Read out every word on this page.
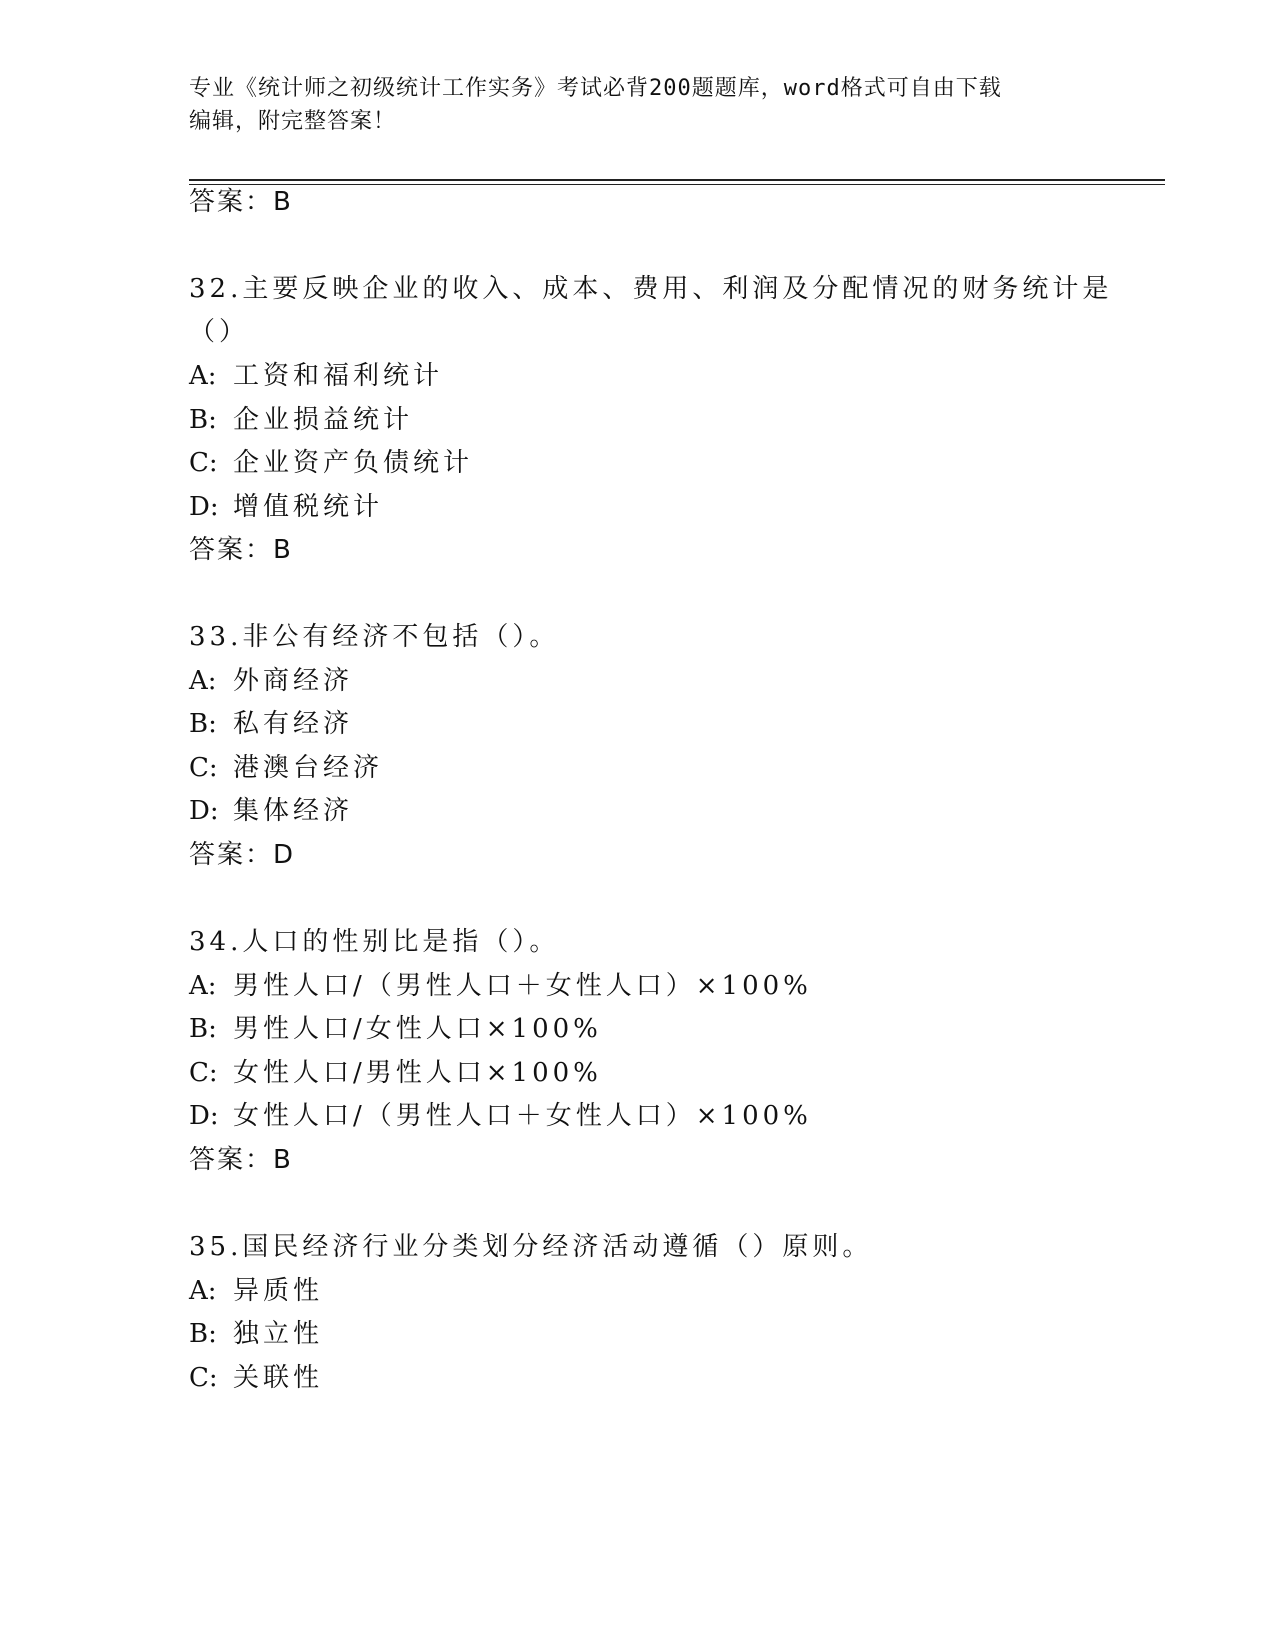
专业《统计师之初级统计工作实务》考试必背200题题库，word格式可自由下载
编辑，附完整答案！
答案：B
32.主要反映企业的收入、成本、费用、利润及分配情况的财务统计是
（）
A: 工资和福利统计
B: 企业损益统计
C: 企业资产负债统计
D: 增值税统计
答案：B
33.非公有经济不包括（）。
A: 外商经济
B: 私有经济
C: 港澳台经济
D: 集体经济
答案：D
34.人口的性别比是指（）。
A: 男性人口/（男性人口＋女性人口）×100%
B: 男性人口/女性人口×100%
C: 女性人口/男性人口×100%
D: 女性人口/（男性人口＋女性人口）×100%
答案：B
35.国民经济行业分类划分经济活动遵循（）原则。
A: 异质性
B: 独立性
C: 关联性
